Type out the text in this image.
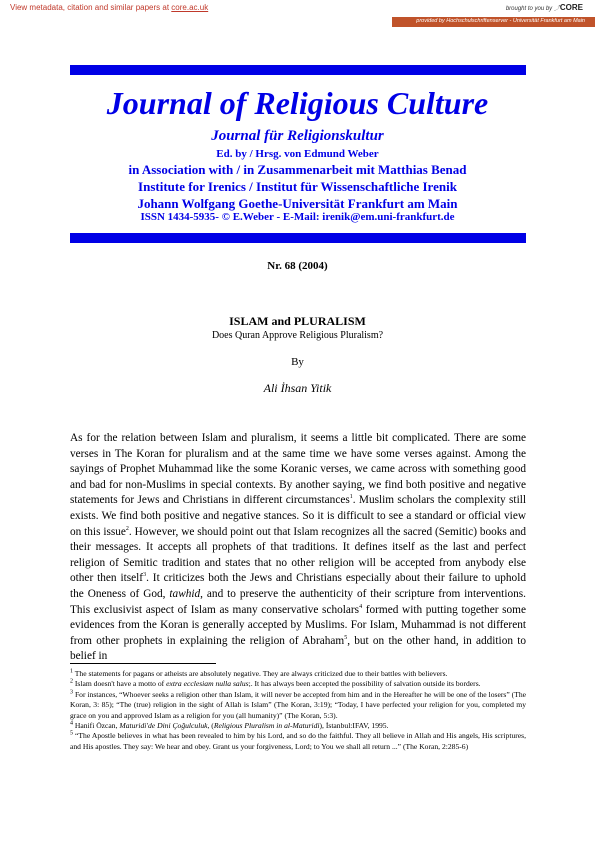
View metadata, citation and similar papers at core.ac.uk	brought to you by ⤴CORE
provided by Hochschulschriftenserver - Universität Frankfurt am Main
Journal of Religious Culture
Journal für Religionskultur
Ed. by / Hrsg. von Edmund Weber
in Association with / in Zusammenarbeit mit Matthias Benad
Institute for Irenics / Institut für Wissenschaftliche Irenik
Johann Wolfgang Goethe-Universität Frankfurt am Main
ISSN 1434-5935- © E.Weber - E-Mail: irenik@em.uni-frankfurt.de
Nr. 68 (2004)
ISLAM and PLURALISM
Does Quran Approve Religious Pluralism?
By
Ali İhsan Yitik

As for the relation between Islam and pluralism, it seems a little bit complicated. There are some verses in The Koran for pluralism and at the same time we have some verses against. Among the sayings of Prophet Muhammad like the some Koranic verses, we came across with something good and bad for non-Muslims in special contexts. By another saying, we find both positive and negative statements for Jews and Christians in different circumstances$^1$. Muslim scholars the complexity still exists. We find both positive and negative stances. So it is difficult to see a standard or official view on this issue$^2$. However, we should point out that Islam recognizes all the sacred (Semitic) books and their messages. It accepts all prophets of that traditions. It defines itself as the last and perfect religion of Semitic tradition and states that no other religion will be accepted from anybody else other then itself$^3$. It criticizes both the Jews and Christians especially about their failure to uphold the Oneness of God, tawhid, and to preserve the authenticity of their scripture from interventions. This exclusivist aspect of Islam as many conservative scholars$^4$ formed with putting together some evidences from the Koran is generally accepted by Muslims. For Islam, Muhammad is not different from other prophets in explaining the religion of Abraham$^5$, but on the other hand, in addition to belief in

$^1$ The statements for pagans or atheists are absolutely negative. They are always criticized due to their battles with believers.

$^2$ Islam doesn't have a motto of extra ecclesiam nulla salus;. It has always been accepted the possibility of salvation outside its borders.

$^3$ For instances, “Whoever seeks a religion other than Islam, it will never be accepted from him and in the Hereafter he will be one of the losers” (The Koran, 3: 85); “The (true) religion in the sight of Allah is Islam” (The Koran, 3:19); “Today, I have perfected your religion for you, completed my grace on you and approved Islam as a religion for you (all humanity)” (The Koran, 5:3).

$^4$ Hanifi Özcan, Maturidi'de Dini Çoğulculuk, (Religious Pluralism in al-Maturidi), İstanbul:IFAV, 1995.

$^5$ “The Apostle believes in what has been revealed to him by his Lord, and so do the faithful. They all believe in Allah and His angels, His scriptures, and His apostles. They say: We hear and obey. Grant us your forgiveness, Lord; to You we shall all return ...” (The Koran, 2:285-6)
